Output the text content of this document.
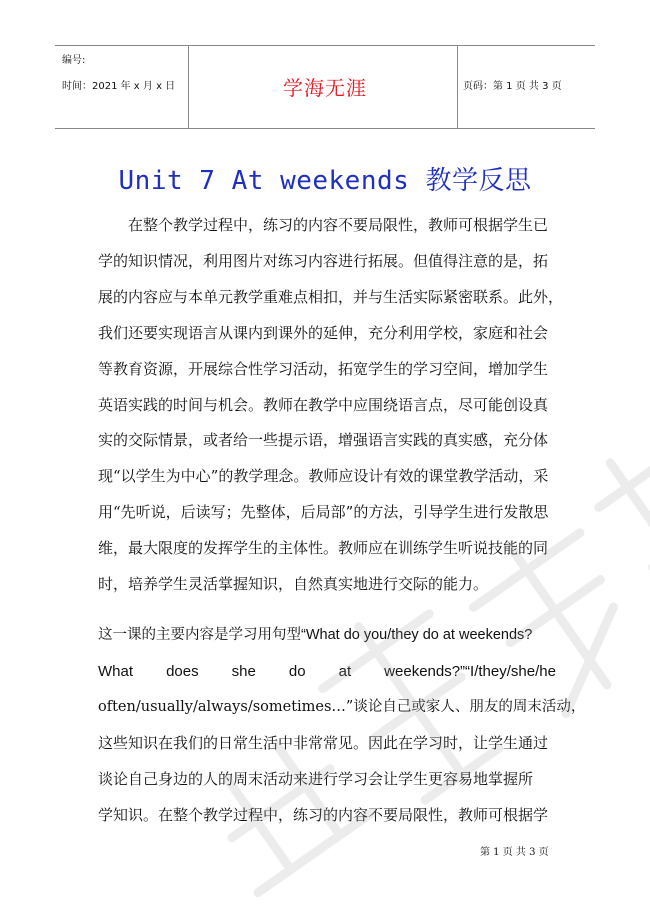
编号:
时间：2021 年 x 月 x 日	学海无涯	页码：第 1 页 共 3 页
Unit 7 At weekends 教学反思
在整个教学过程中，练习的内容不要局限性，教师可根据学生已
学的知识情况，利用图片对练习内容进行拓展。但值得注意的是，拓
展的内容应与本单元教学重难点相扣，并与生活实际紧密联系。此外，
我们还要实现语言从课内到课外的延伸，充分利用学校，家庭和社会
等教育资源，开展综合性学习活动，拓宽学生的学习空间，增加学生
英语实践的时间与机会。教师在教学中应围绕语言点，尽可能创设真
实的交际情景，或者给一些提示语，增强语言实践的真实感，充分体
现“以学生为中心”的教学理念。教师应设计有效的课堂教学活动，采
用“先听说，后读写；先整体，后局部”的方法，引导学生进行发散思
维，最大限度的发挥学生的主体性。教师应在训练学生听说技能的同
时，培养学生灵活掌握知识，自然真实地进行交际的能力。
这一课的主要内容是学习用句型“What do you/they do at weekends?
What does she do at weekends?”“I/they/she/he
often/usually/always/sometimes…”谈论自己或家人、朋友的周末活动，
这些知识在我们的日常生活中非常常见。因此在学习时，让学生通过
谈论自己身边的人的周末活动来进行学习会让学生更容易地掌握所
学知识。在整个教学过程中，练习的内容不要局限性，教师可根据学
第 1 页 共 3 页
